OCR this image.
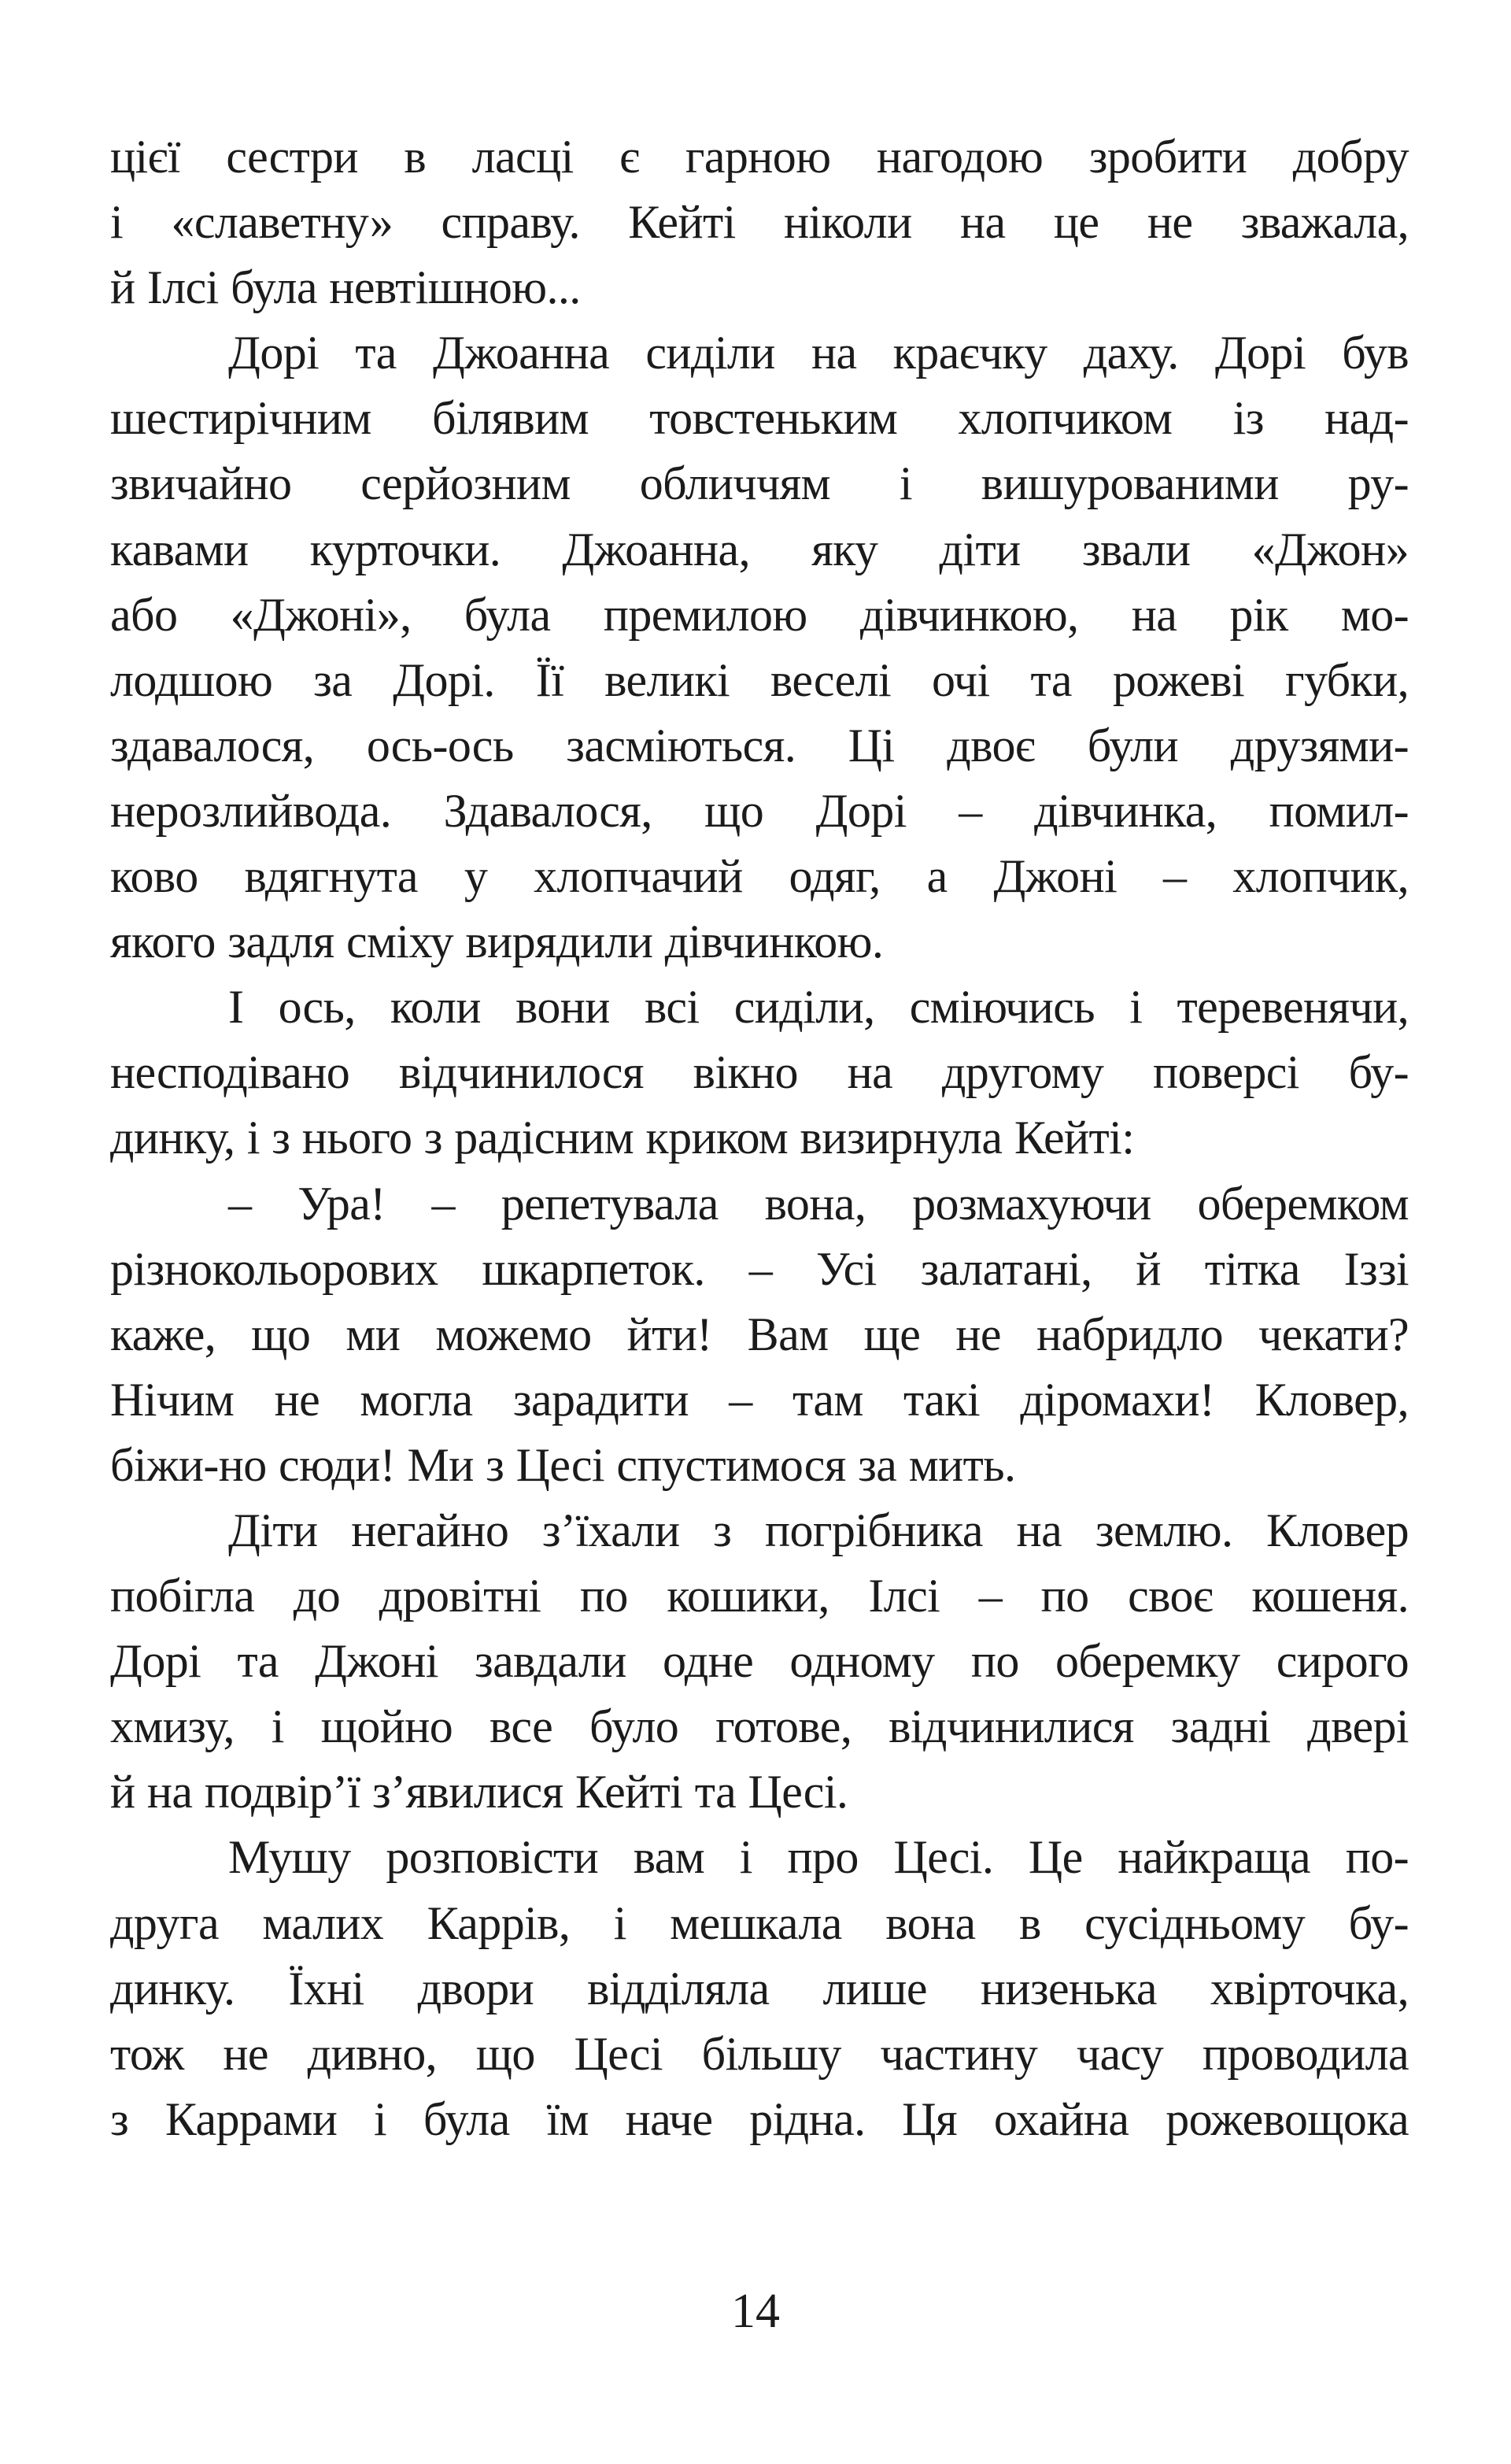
цієї сестри в ласці є гарною нагодою зробити добру
і «славетну» справу. Кейті ніколи на це не зважала,
й Ілсі була невтішною...
Дорі та Джоанна сиділи на краєчку даху. Дорі був
шестирічним білявим товстеньким хлопчиком із над-
звичайно серйозним обличчям і вишурованими ру-
кавами курточки. Джоанна, яку діти звали «Джон»
або «Джоні», була премилою дівчинкою, на рік мо-
лодшою за Дорі. Її великі веселі очі та рожеві губки,
здавалося, ось-ось засміються. Ці двоє були друзями-
нерозлийвода. Здавалося, що Дорі – дівчинка, помил-
ково вдягнута у хлопчачий одяг, а Джоні – хлопчик,
якого задля сміху вирядили дівчинкою.
І ось, коли вони всі сиділи, сміючись і теревенячи,
несподівано відчинилося вікно на другому поверсі бу-
динку, і з нього з радісним криком визирнула Кейті:
– Ура! – репетувала вона, розмахуючи оберемком
різнокольорових шкарпеток. – Усі залатані, й тітка Іззі
каже, що ми можемо йти! Вам ще не набридло чекати?
Нічим не могла зарадити – там такі діромахи! Кловер,
біжи-но сюди! Ми з Цесі спустимося за мить.
Діти негайно з’їхали з погрібника на землю. Кловер
побігла до дровітні по кошики, Ілсі – по своє кошеня.
Дорі та Джоні завдали одне одному по оберемку сирого
хмизу, і щойно все було готове, відчинилися задні двері
й на подвір’ї з’явилися Кейті та Цесі.
Мушу розповісти вам і про Цесі. Це найкраща по-
друга малих Каррів, і мешкала вона в сусідньому бу-
динку. Їхні двори відділяла лише низенька хвірточка,
тож не дивно, що Цесі більшу частину часу проводила
з Каррами і була їм наче рідна. Ця охайна рожевощока
14
